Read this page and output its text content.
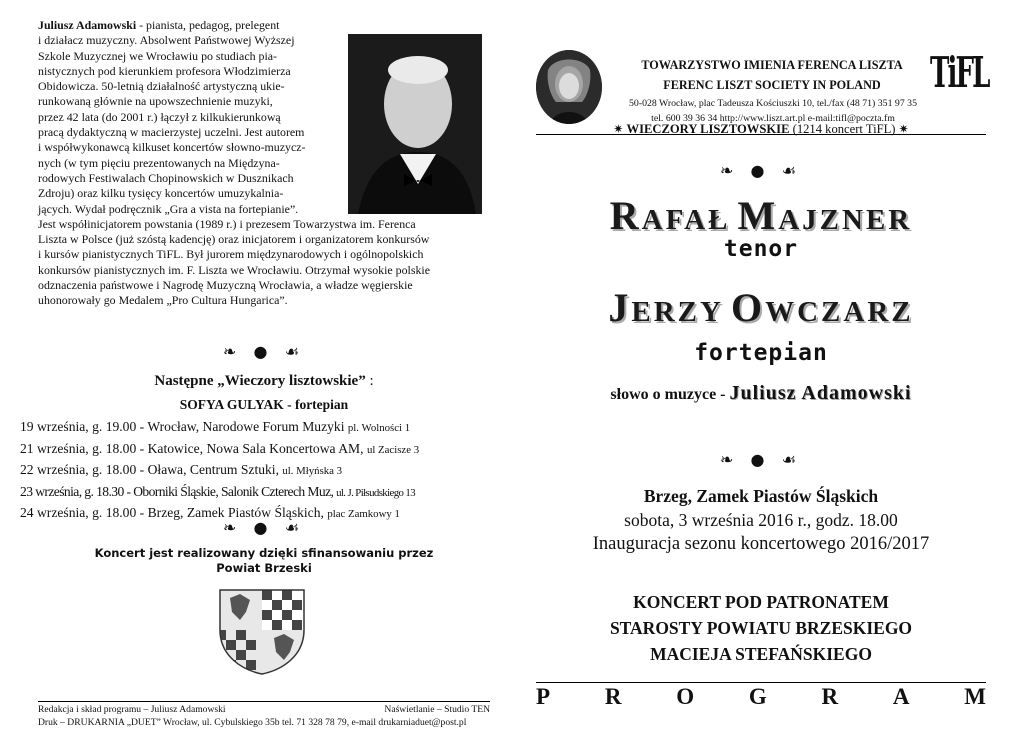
Juliusz Adamowski - pianista, pedagog, prelegent
i działacz muzyczny. Absolwent Państwowej Wyższej
Szkole Muzycznej we Wrocławiu po studiach pia-
nistycznych pod kierunkiem profesora Włodzimierza
Obidowicza. 50-letnią działalność artystyczną ukie-
runkowaną głównie na upowszechnienie muzyki,
przez 42 lata (do 2001 r.) łączył z kilkukierunkową
pracą dydaktyczną w macierzystej uczelni. Jest autorem
i współwykonawcą kilkuset koncertów słowno-muzycz-
nych (w tym pięciu prezentowanych na Międzyna-
rodowych Festiwalach Chopinowskich w Dusznikach
Zdroju) oraz kilku tysięcy koncertów umuzykalnia-
jących. Wydał podręcznik „Gra a vista na fortepianie”.
Jest współinicjatorem powstania (1989 r.) i prezesem Towarzystwa im. Ferenca
Liszta w Polsce (już szóstą kadencję) oraz inicjatorem i organizatorem konkursów
i kursów pianistycznych TiFL. Był jurorem międzynarodowych i ogólnopolskich
konkursów pianistycznych im. F. Liszta we Wrocławiu. Otrzymał wysokie polskie
odznaczenia państwowe i Nagrodę Muzyczną Wrocławia, a władze węgierskie
uhonorowały go Medalem „Pro Cultura Hungarica”.
❧ ● ☙
Następne „Wieczory lisztowskie” :
SOFYA GULYAK - fortepian
19 września, g. 19.00 - Wrocław, Narodowe Forum Muzyki pl. Wolności 1
21 września, g. 18.00 - Katowice, Nowa Sala Koncertowa AM, ul Zacisze 3
22 września, g. 18.00 - Oława, Centrum Sztuki, ul. Młyńska 3
23 września, g. 18.30 - Oborniki Śląskie, Salonik Czterech Muz, ul. J. Piłsudskiego 13
24 września, g. 18.00 - Brzeg, Zamek Piastów Śląskich, plac Zamkowy 1
❧ ● ☙
Koncert jest realizowany dzięki sfinansowaniu przez
Powiat Brzeski
Redakcja i skład programu – Juliusz Adamowski	Naświetlanie – Studio TEN
Druk – DRUKARNIA „DUET” Wrocław, ul. Cybulskiego 35b tel. 71 328 78 79, e-mail drukarniaduet@post.pl
TOWARZYSTWO IMIENIA FERENCA LISZTA
FERENC LISZT SOCIETY IN POLAND
50-028 Wrocław, plac Tadeusza Kościuszki 10, tel./fax (48 71) 351 97 35
tel. 600 39 36 34 http://www.liszt.art.pl e-mail:tifl@poczta.fm
TiFL
✷ WIECZORY LISZTOWSKIE (1214 koncert TiFL) ✷
❧ ● ☙
RAFAŁ MAJZNER
tenor
JERZY OWCZARZ
fortepian
słowo o muzyce - Juliusz Adamowski
❧ ● ☙
Brzeg, Zamek Piastów Śląskich
sobota, 3 września 2016 r., godz. 18.00
Inauguracja sezonu koncertowego 2016/2017
KONCERT POD PATRONATEM
STAROSTY POWIATU BRZESKIEGO
MACIEJA STEFAŃSKIEGO
P R O G R A M
